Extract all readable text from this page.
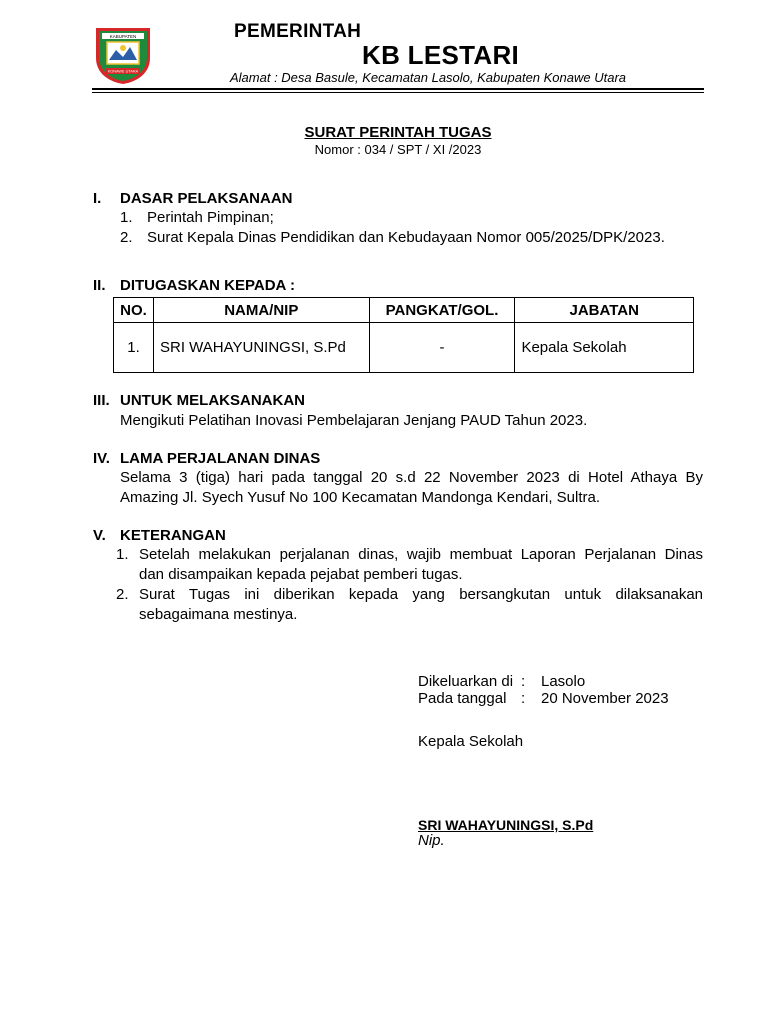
KABUPATEN
KONAWE UTARA
PEMERINTAH
KB LESTARI
Alamat : Desa Basule, Kecamatan Lasolo, Kabupaten Konawe Utara
SURAT PERINTAH TUGAS
Nomor : 034 / SPT / XI /2023
I. DASAR PELAKSANAAN
1. Perintah Pimpinan;
2. Surat Kepala Dinas Pendidikan dan Kebudayaan Nomor 005/2025/DPK/2023.
II. DITUGASKAN KEPADA :
NO.	NAMA/NIP	PANGKAT/GOL.	JABATAN
1.	SRI WAHAYUNINGSI, S.Pd	-	Kepala Sekolah
III. UNTUK MELAKSANAKAN
Mengikuti Pelatihan Inovasi Pembelajaran Jenjang PAUD Tahun 2023.
IV. LAMA PERJALANAN DINAS
Selama 3 (tiga) hari pada tanggal 20 s.d 22 November 2023 di Hotel Athaya By
Amazing Jl. Syech Yusuf No 100 Kecamatan Mandonga Kendari, Sultra.
V. KETERANGAN
1. Setelah melakukan perjalanan dinas, wajib membuat Laporan Perjalanan Dinas
dan disampaikan kepada pejabat pemberi tugas.
2. Surat Tugas ini diberikan kepada yang bersangkutan untuk dilaksanakan
sebagaimana mestinya.
Dikeluarkan di : Lasolo
Pada tanggal : 20 November 2023
Kepala Sekolah
SRI WAHAYUNINGSI, S.Pd
Nip.
